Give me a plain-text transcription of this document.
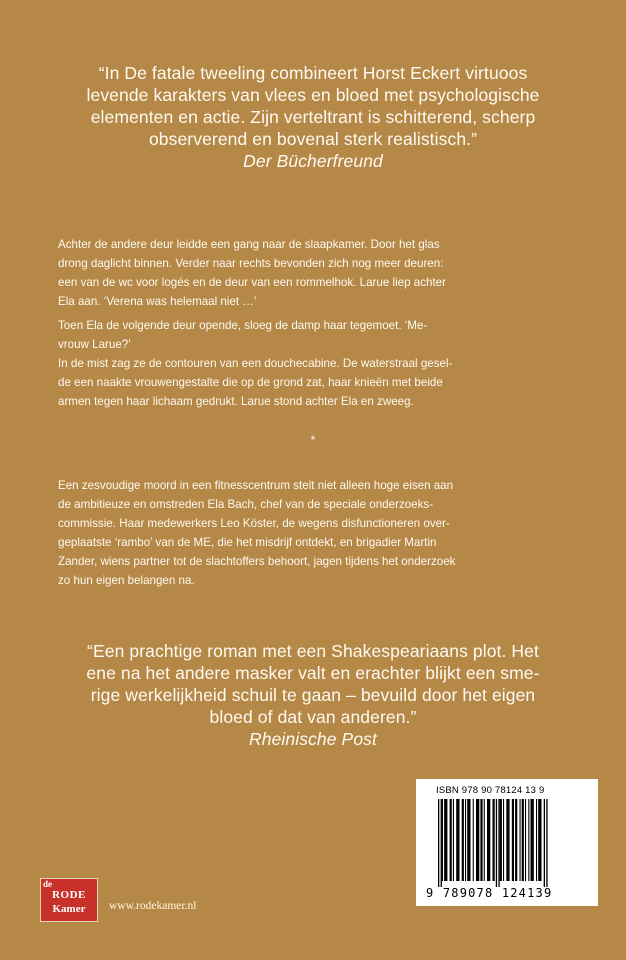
“In De fatale tweeling combineert Horst Eckert virtuoos
levende karakters van vlees en bloed met psychologische
elementen en actie. Zijn verteltrant is schitterend, scherp
observerend en bovenal sterk realistisch.”
Der Bücherfreund
Achter de andere deur leidde een gang naar de slaapkamer. Door het glas
drong daglicht binnen. Verder naar rechts bevonden zich nog meer deuren:
een van de wc voor logés en de deur van een rommelhok. Larue liep achter
Ela aan. ‘Verena was helemaal niet …’
Toen Ela de volgende deur opende, sloeg de damp haar tegemoet. ‘Me-
vrouw Larue?’
In de mist zag ze de contouren van een douchecabine. De waterstraal gesel-
de een naakte vrouwengestalte die op de grond zat, haar knieën met beide
armen tegen haar lichaam gedrukt. Larue stond achter Ela en zweeg.
*
Een zesvoudige moord in een fitnesscentrum stelt niet alleen hoge eisen aan
de ambitieuze en omstreden Ela Bach, chef van de speciale onderzoeks-
commissie. Haar medewerkers Leo Köster, de wegens disfunctioneren over-
geplaatste ‘rambo’ van de ME, die het misdrijf ontdekt, en brigadier Martin
Zander, wiens partner tot de slachtoffers behoort, jagen tijdens het onderzoek
zo hun eigen belangen na.
“Een prachtige roman met een Shakespeariaans plot. Het
ene na het andere masker valt en erachter blijkt een sme-
rige werkelijkheid schuil te gaan – bevuild door het eigen
bloed of dat van anderen.”
Rheinische Post
ISBN 978 90 78124 13 9
9 789078 124139
de
RODE
Kamer	www.rodekamer.nl
